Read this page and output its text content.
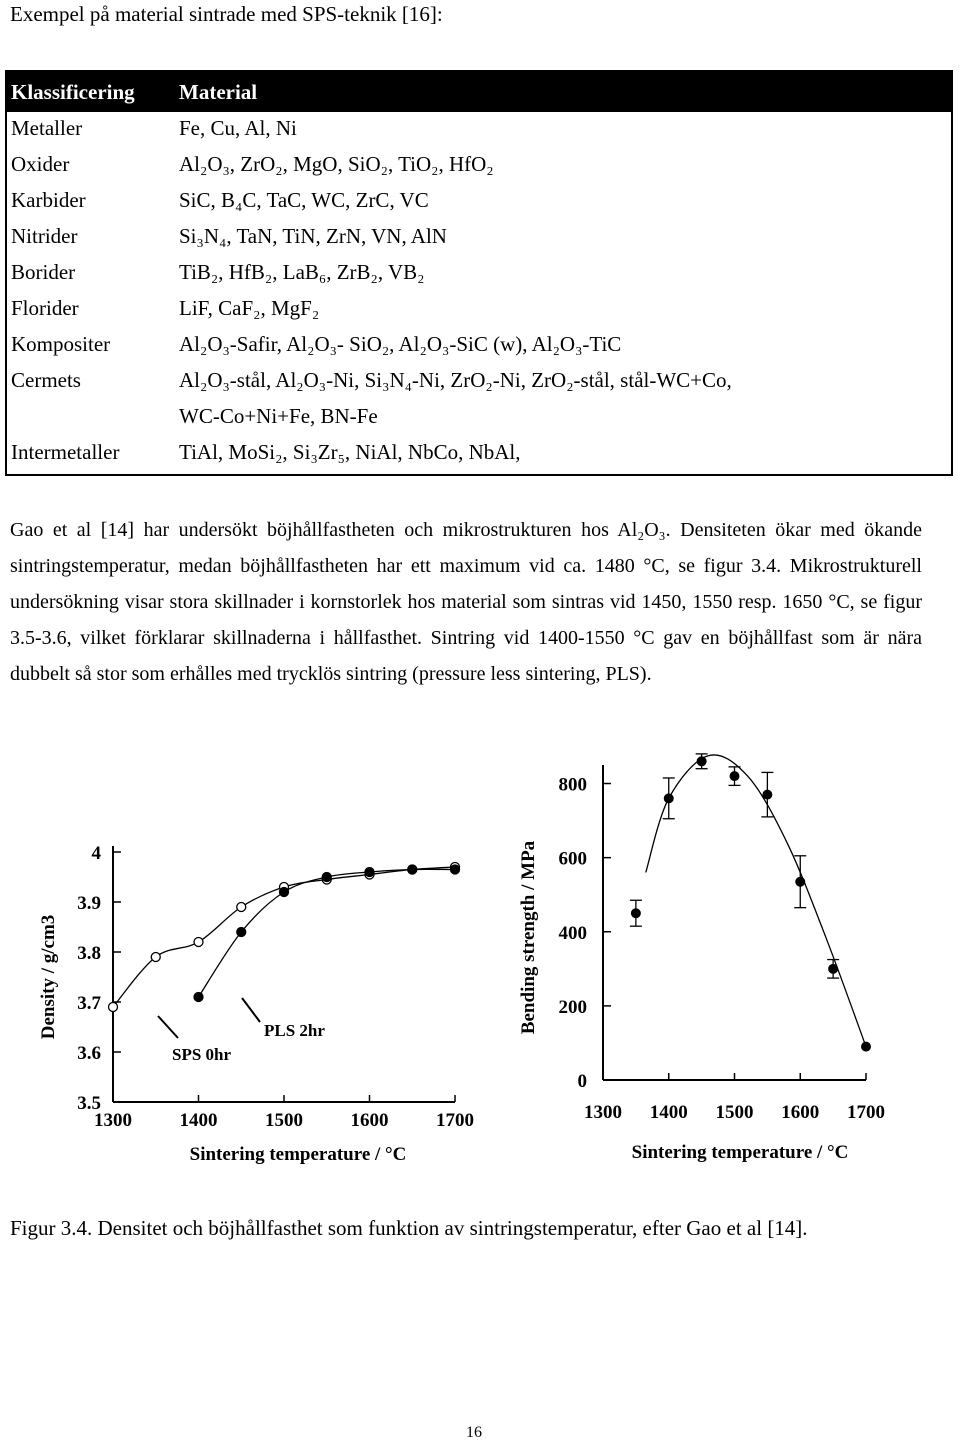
Exempel på material sintrade med SPS-teknik [16]:
Klassificering Material
Metaller	Fe, Cu, Al, Ni
Oxider	Al₂O₃, ZrO₂, MgO, SiO₂, TiO₂, HfO₂
Karbider	SiC, B₄C, TaC, WC, ZrC, VC
Nitrider	Si₃N₄, TaN, TiN, ZrN, VN, AlN
Borider	TiB₂, HfB₂, LaB₆, ZrB₂, VB₂
Florider	LiF, CaF₂, MgF₂
Kompositer	Al₂O₃-Safir, Al₂O₃- SiO₂, Al₂O₃-SiC (w), Al₂O₃-TiC
Cermets	Al₂O₃-stål, Al₂O₃-Ni, Si₃N₄-Ni, ZrO₂-Ni, ZrO₂-stål, stål-WC+Co,
WC-Co+Ni+Fe, BN-Fe
Intermetaller	TiAl, MoSi₂, Si₃Zr₅, NiAl, NbCo, NbAl,
Gao et al [14] har undersökt böjhållfastheten och mikrostrukturen hos Al₂O₃. Densiteten ökar med ökande sintringstemperatur, medan böjhållfastheten har ett maximum vid ca. 1480 °C, se figur 3.4. Mikrostrukturell undersökning visar stora skillnader i kornstorlek hos material som sintras vid 1450, 1550 resp. 1650 °C, se figur 3.5-3.6, vilket förklarar skillnaderna i hållfasthet. Sintring vid 1400-1550 °C gav en böjhållfast som är nära dubbelt så stor som erhålles med trycklös sintring (pressure less sintering, PLS).
3.5
3.6
3.7
3.8
3.9
4
1300	1400	1500	1600	1700
Sintering temperature / °C
Density / g/cm3
SPS 0hr
PLS 2hr
0
200
400
600
800
1300 1400 1500 1600 1700
Sintering temperature / °C
Bending strength / MPa
Figur 3.4. Densitet och böjhållfasthet som funktion av sintringstemperatur, efter Gao et al [14].
16
